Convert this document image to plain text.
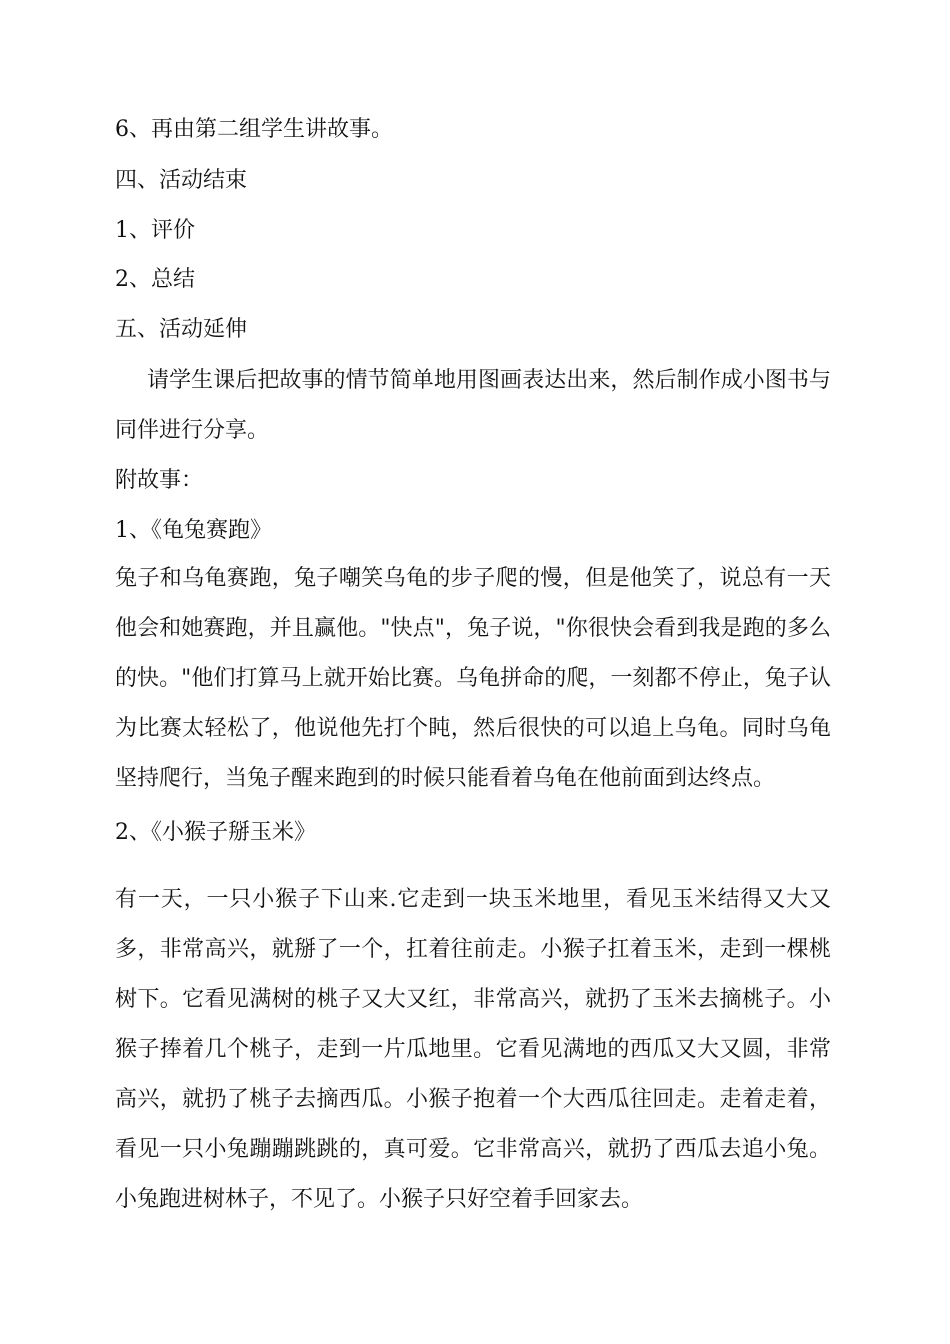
6、再由第二组学生讲故事。
四、活动结束
1、评价
2、总结
五、活动延伸

请学生课后把故事的情节简单地用图画表达出来，然后制作成小图书与同伴进行分享。

附故事：
1、《龟兔赛跑》

兔子和乌龟赛跑，兔子嘲笑乌龟的步子爬的慢，但是他笑了，说总有一天他会和她赛跑，并且赢他。"快点"，兔子说，"你很快会看到我是跑的多么的快。"他们打算马上就开始比赛。乌龟拼命的爬，一刻都不停止，兔子认为比赛太轻松了，他说他先打个盹，然后很快的可以追上乌龟。同时乌龟坚持爬行，当兔子醒来跑到的时候只能看着乌龟在他前面到达终点。

2、《小猴子掰玉米》

有一天，一只小猴子下山来.它走到一块玉米地里，看见玉米结得又大又多，非常高兴，就掰了一个，扛着往前走。小猴子扛着玉米，走到一棵桃树下。它看见满树的桃子又大又红，非常高兴，就扔了玉米去摘桃子。小猴子捧着几个桃子，走到一片瓜地里。它看见满地的西瓜又大又圆，非常高兴，就扔了桃子去摘西瓜。小猴子抱着一个大西瓜往回走。走着走着，看见一只小兔蹦蹦跳跳的，真可爱。它非常高兴，就扔了西瓜去追小兔。小兔跑进树林子，不见了。小猴子只好空着手回家去。
